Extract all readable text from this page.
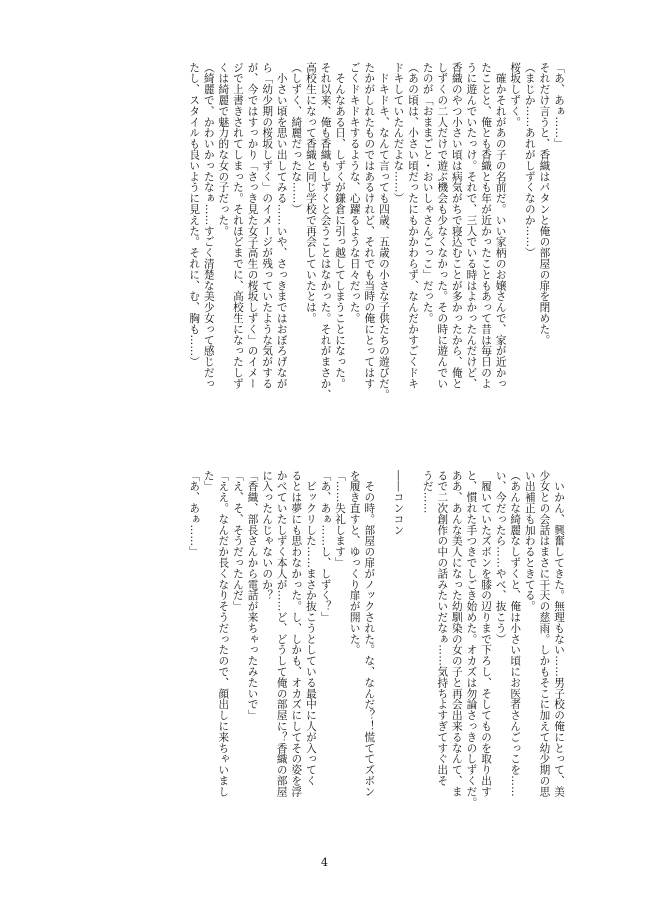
「あ、あぁ……」
それだけ言うと、香織はパタンと俺の部屋の扉を閉めた。
（まじか……あれがしずくなのか……）
桜坂しずく。
　確かそれがあの子の名前だ。いい家柄のお嬢さんで、家が近かっ
たことと、俺とも香織とも年が近かったこともあって昔は毎日のよ
うに遊んでいたっけ。それで、三人でいる時はよかったんだけど、
香織のやつ小さい頃は病気がちで寝込むことが多かったから、俺と
しずくの二人だけで遊ぶ機会も少なくなかった。その時に遊んでい
たのが「おままごと・おいしゃさんごっこ」だった。
（あの頃は、小さい頃だったにもかかわらず、なんだかすごくドキ
ドキしていたんだよな……）
　ドキドキ、なんて言っても四歳、五歳の小さな子供たちの遊びだ。
たかがしれたものではあるけれど、それでも当時の俺にとってはす
ごくドキドキするような、心躍るような日々だった。
　そんなある日、しずくが鎌倉に引っ越してしまうことになった。
それ以来、俺も香織もしずくと会うことはなかった。それがまさか、
高校生になって香織と同じ学校で再会していたとは。
（しずく、綺麗だったな……）
　小さい頃を思い出してみる……いや、さっきまではおぼろげなが
ら「幼少期の桜坂しずく」のイメージが残っていたような気がする
が、今ではすっかり「さっき見た女子高生の桜坂しずく」のイメー
ジで上書きされてしまった。それほどまでに、高校生になったしず
くは綺麗で魅力的な女の子だった。
（綺麗で、かわいかったなぁ……すごく清楚な美少女って感じだっ
たし、スタイルも良いように見えた。それに、む、胸も……）
　いかん、興奮してきた。無理もない……男子校の俺にとって、美
少女との会話はまさに干天の慈雨。しかもそこに加えて幼少期の思
い出補正も加わるときてる。
（あんな綺麗なしずくと、俺は小さい頃にお医者さんごっこを……
い、今だったら……やべ、抜こう）
　履いていたズボンを膝の辺りまで下ろし、そしてものを取り出す
と、慣れた手つきでしごき始めた。オカズは勿論さっきのしずくだ。
ああ、あんな美人になった幼馴染の女の子と再会出来るなんて、ま
るで二次創作の中の話みたいだなぁ……気持ちよすぎてすぐ出そ
うだ……

――コンコン

　その時。部屋の扉がノックされた。な、なんだ？！慌ててズボン
を履き直すと、ゆっくり扉が開いた。
「……失礼します」
「あ、あぁ……し、しずく？」
　ビックリした……まさか抜こうとしている最中に人が入ってく
るとは夢にも思わなかった。し、しかも、オカズにしてその姿を浮
かべていたしずく本人が……ど、どうして俺の部屋に？香織の部屋
に入ったんじゃないのか？
「香織、部長さんから電話が来ちゃったみたいで」
「え、そ、そうだったんだ」
「ええ。なんだか長くなりそうだったので、顔出しに来ちゃいまし
た」
「あ、あぁ……」
4
